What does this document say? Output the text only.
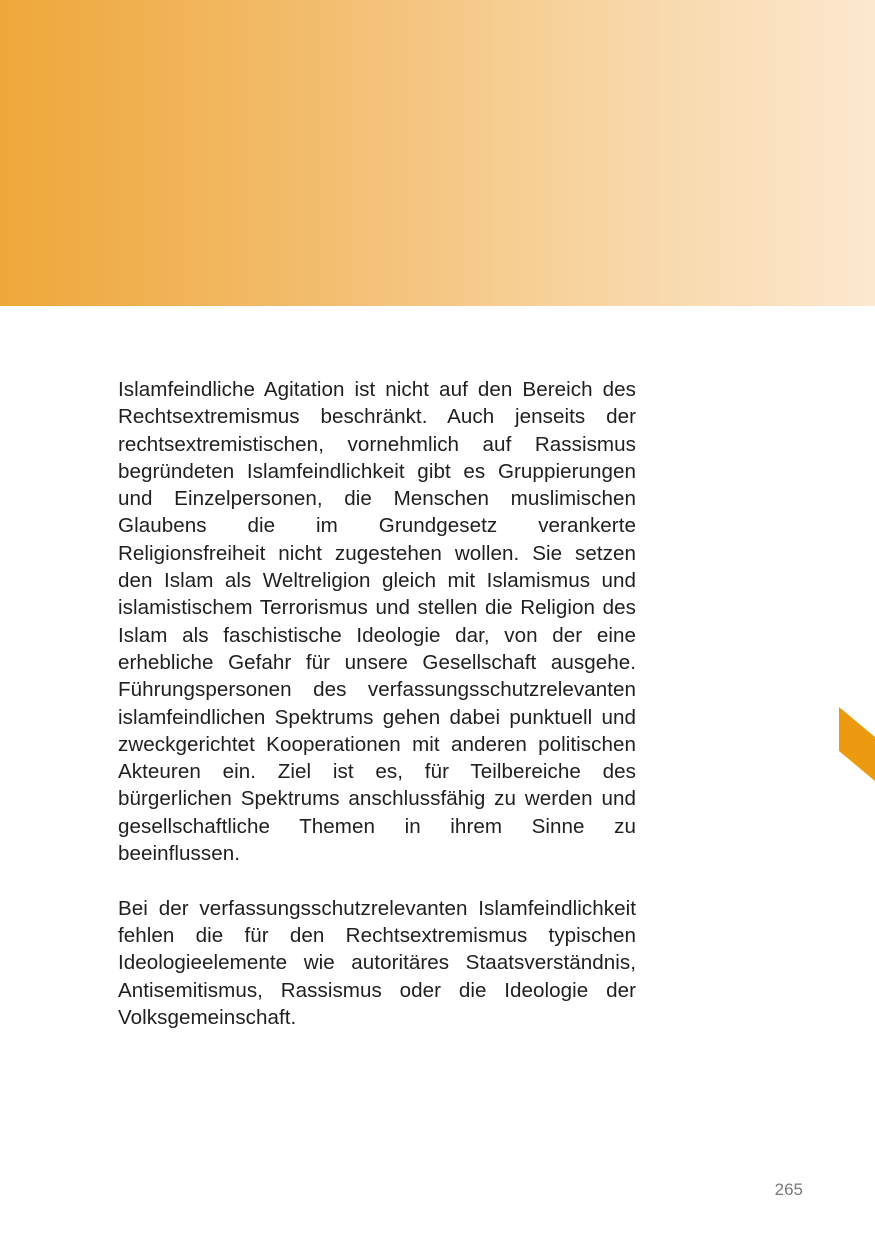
Islamfeindliche Agitation ist nicht auf den Bereich des Rechtsextremismus beschränkt. Auch jenseits der rechtsextremistischen, vornehmlich auf Rassismus begründeten Islamfeindlichkeit gibt es Gruppierungen und Einzelpersonen, die Menschen muslimischen Glaubens die im Grundgesetz verankerte Religionsfreiheit nicht zugestehen wollen. Sie setzen den Islam als Weltreligion gleich mit Islamismus und islamistischem Terrorismus und stellen die Religion des Islam als faschistische Ideologie dar, von der eine erhebliche Gefahr für unsere Gesellschaft ausgehe. Führungspersonen des verfassungsschutzrelevanten islamfeindlichen Spektrums gehen dabei punktuell und zweckgerichtet Kooperationen mit anderen politischen Akteuren ein. Ziel ist es, für Teilbereiche des bürgerlichen Spektrums anschlussfähig zu werden und gesellschaftliche Themen in ihrem Sinne zu beeinflussen.

Bei der verfassungsschutzrelevanten Islamfeindlichkeit fehlen die für den Rechtsextremismus typischen Ideologieelemente wie autoritäres Staatsverständnis, Antisemitismus, Rassismus oder die Ideologie der Volksgemeinschaft.

265
